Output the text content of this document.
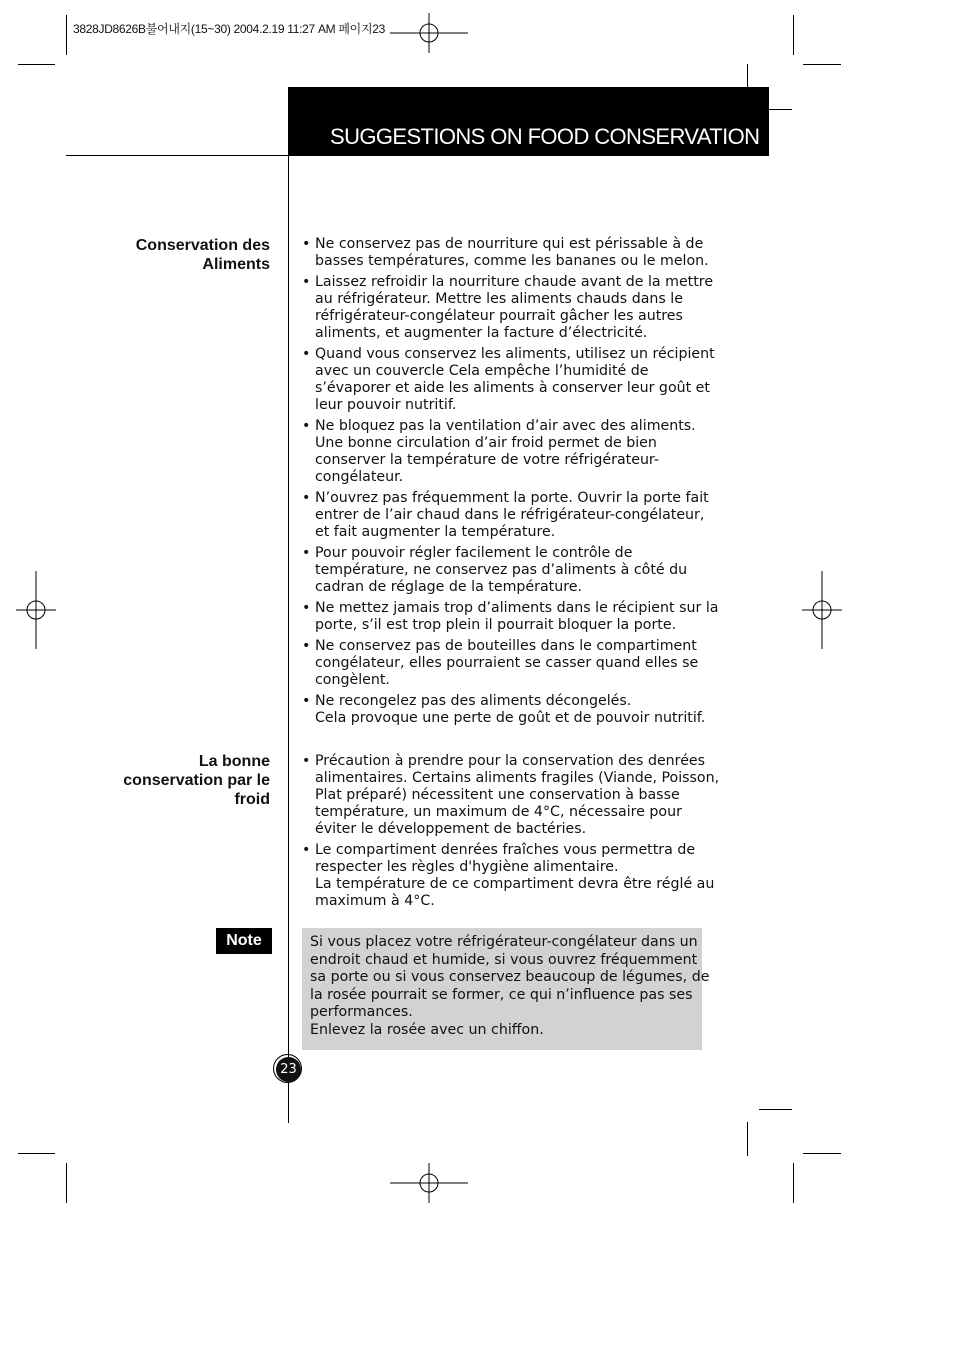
3828JD8626B불어내지(15~30) 2004.2.19 11:27 AM 페이지23
SUGGESTIONS ON FOOD CONSERVATION
Conservation des
Aliments
• Ne conservez pas de nourriture qui est périssable à de
basses températures, comme les bananes ou le melon.
• Laissez refroidir la nourriture chaude avant de la mettre
au réfrigérateur. Mettre les aliments chauds dans le
réfrigérateur-congélateur pourrait gâcher les autres
aliments, et augmenter la facture d’électricité.
• Quand vous conservez les aliments, utilisez un récipient
avec un couvercle Cela empêche l’humidité de
s’évaporer et aide les aliments à conserver leur goût et
leur pouvoir nutritif.
• Ne bloquez pas la ventilation d’air avec des aliments.
Une bonne circulation d’air froid permet de bien
conserver la température de votre réfrigérateur-
congélateur.
• N’ouvrez pas fréquemment la porte. Ouvrir la porte fait
entrer de l’air chaud dans le réfrigérateur-congélateur,
et fait augmenter la température.
• Pour pouvoir régler facilement le contrôle de
température, ne conservez pas d’aliments à côté du
cadran de réglage de la température.
• Ne mettez jamais trop d’aliments dans le récipient sur la
porte, s’il est trop plein il pourrait bloquer la porte.
• Ne conservez pas de bouteilles dans le compartiment
congélateur, elles pourraient se casser quand elles se
congèlent.
• Ne recongelez pas des aliments décongelés.
Cela provoque une perte de goût et de pouvoir nutritif.
La bonne
conservation par le
froid
• Précaution à prendre pour la conservation des denrées
alimentaires. Certains aliments fragiles (Viande, Poisson,
Plat préparé) nécessitent une conservation à basse
température, un maximum de 4°C, nécessaire pour
éviter le développement de bactéries.
• Le compartiment denrées fraîches vous permettra de
respecter les règles d'hygiène alimentaire.
La température de ce compartiment devra être réglé au
maximum à 4°C.
Note	Si vous placez votre réfrigérateur-congélateur dans un
endroit chaud et humide, si vous ouvrez fréquemment
sa porte ou si vous conservez beaucoup de légumes, de
la rosée pourrait se former, ce qui n’influence pas ses
performances.
Enlevez la rosée avec un chiffon.
23
